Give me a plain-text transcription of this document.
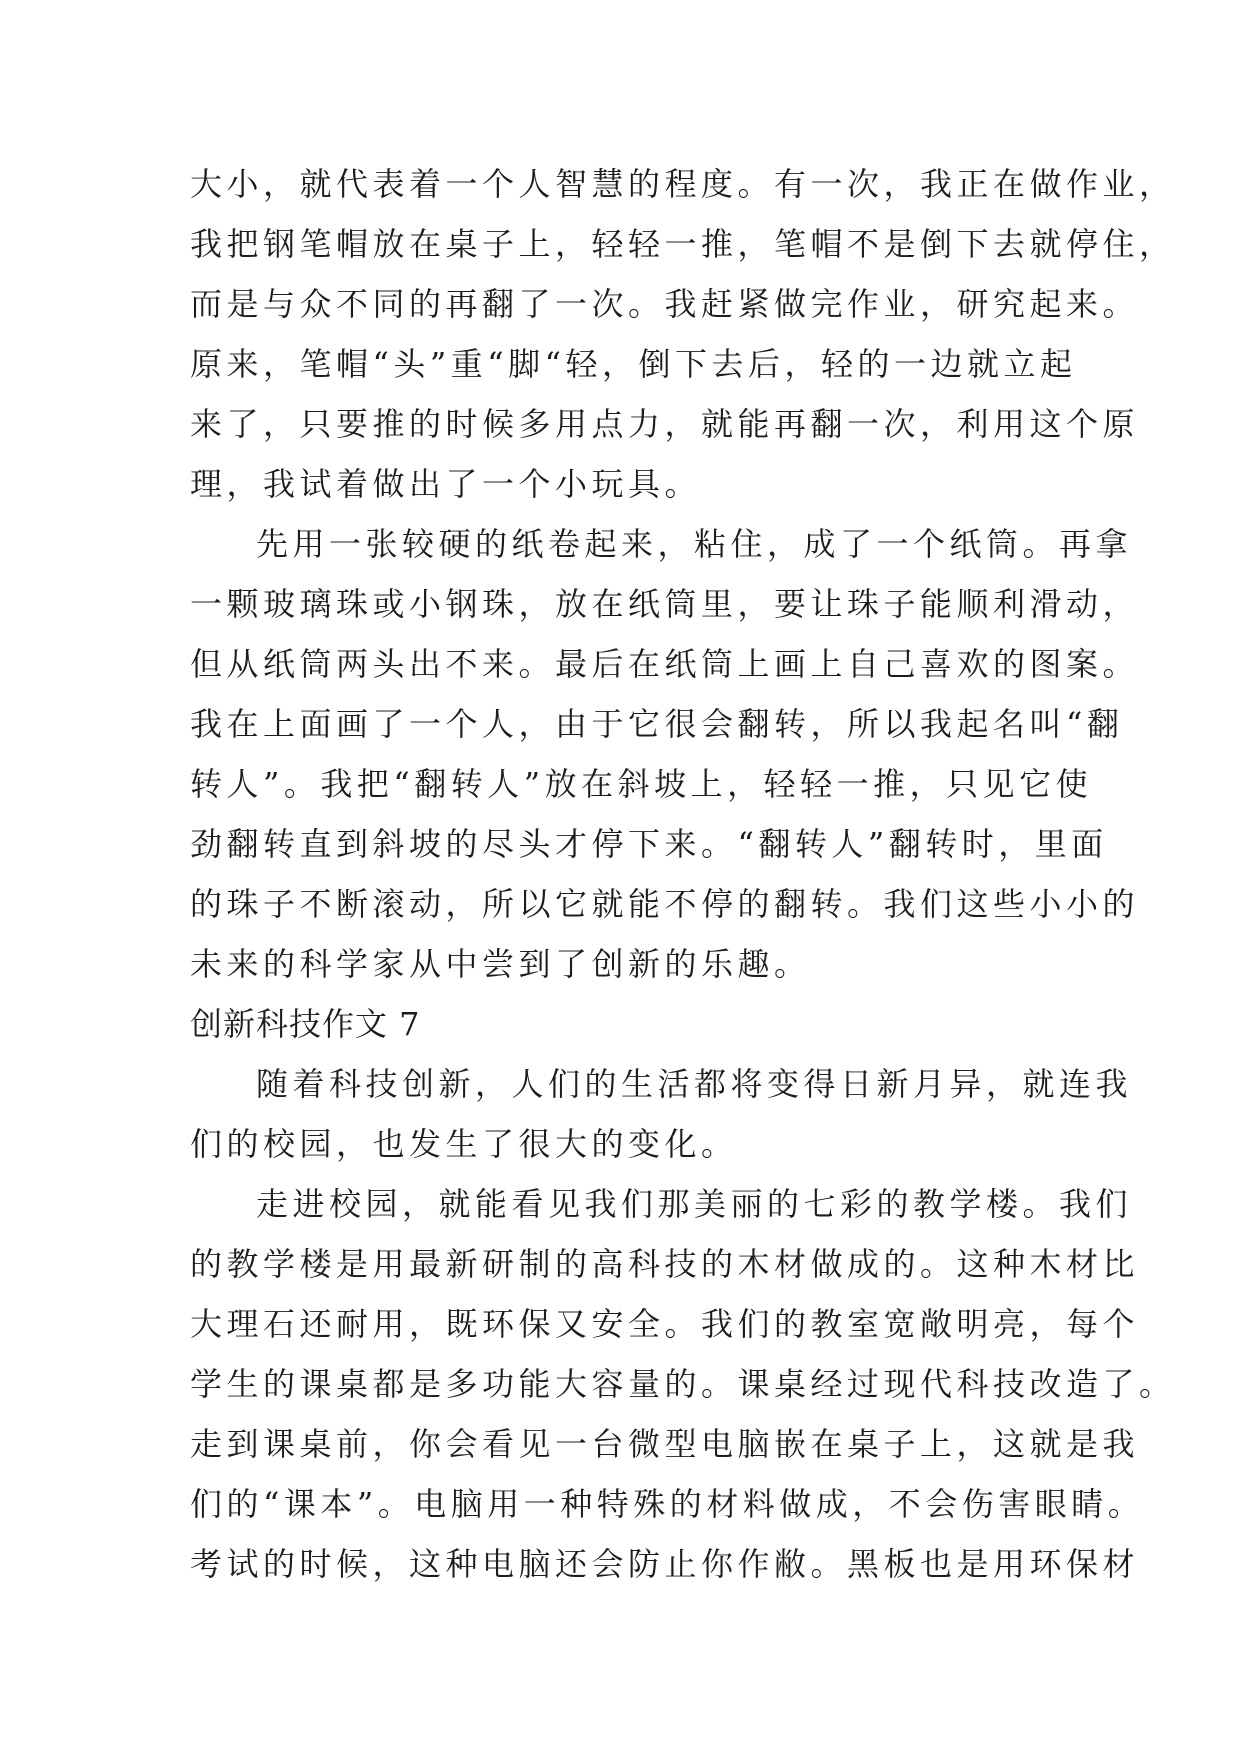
大小，就代表着一个人智慧的程度。有一次，我正在做作业，
我把钢笔帽放在桌子上，轻轻一推，笔帽不是倒下去就停住，
而是与众不同的再翻了一次。我赶紧做完作业，研究起来。
原来，笔帽“头”重“脚“轻，倒下去后，轻的一边就立起
来了，只要推的时候多用点力，就能再翻一次，利用这个原
理，我试着做出了一个小玩具。
先用一张较硬的纸卷起来，粘住，成了一个纸筒。再拿
一颗玻璃珠或小钢珠，放在纸筒里，要让珠子能顺利滑动，
但从纸筒两头出不来。最后在纸筒上画上自己喜欢的图案。
我在上面画了一个人，由于它很会翻转，所以我起名叫“翻
转人”。我把“翻转人”放在斜坡上，轻轻一推，只见它使
劲翻转直到斜坡的尽头才停下来。“翻转人”翻转时，里面
的珠子不断滚动，所以它就能不停的翻转。我们这些小小的
未来的科学家从中尝到了创新的乐趣。
创新科技作文 7
随着科技创新，人们的生活都将变得日新月异，就连我
们的校园，也发生了很大的变化。
走进校园，就能看见我们那美丽的七彩的教学楼。我们
的教学楼是用最新研制的高科技的木材做成的。这种木材比
大理石还耐用，既环保又安全。我们的教室宽敞明亮，每个
学生的课桌都是多功能大容量的。课桌经过现代科技改造了。
走到课桌前，你会看见一台微型电脑嵌在桌子上，这就是我
们的“课本”。电脑用一种特殊的材料做成，不会伤害眼睛。
考试的时候，这种电脑还会防止你作敝。黑板也是用环保材
